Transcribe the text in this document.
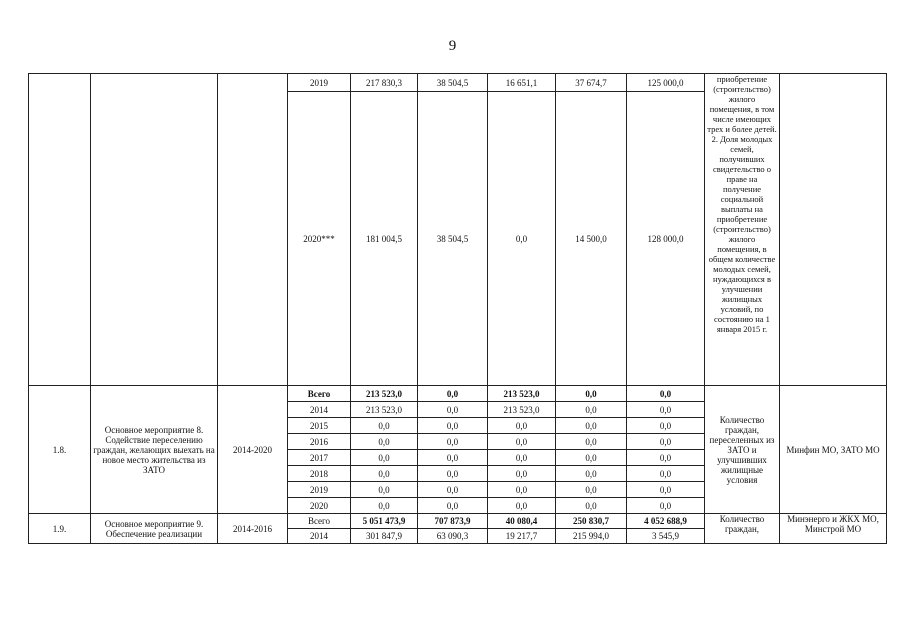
9
			2019	217 830,3	38 504,5	16 651,1	37 674,7	125 000,0	приобретение (строительство) жилого помещения, в том числе имеющих трех и более детей. 2. Доля молодых семей, получивших свидетельство о праве на получение социальной выплаты на приобретение (строительство) жилого помещения, в общем количестве молодых семей, нуждающихся в улучшении жилищных условий, по состоянию на 1 января 2015 г.	
			2020***	181 004,5	38 504,5	0,0	14 500,0	128 000,0		
1.8.	Основное мероприятие 8. Содействие переселению граждан, желающих выехать на новое место жительства из ЗАТО	2014-2020	Всего	213 523,0	0,0	213 523,0	0,0	0,0	Количество граждан, переселенных из ЗАТО и улучшивших жилищные условия	Минфин МО, ЗАТО МО
			2014	213 523,0	0,0	213 523,0	0,0	0,0		
			2015	0,0	0,0	0,0	0,0	0,0		
			2016	0,0	0,0	0,0	0,0	0,0		
			2017	0,0	0,0	0,0	0,0	0,0		
			2018	0,0	0,0	0,0	0,0	0,0		
			2019	0,0	0,0	0,0	0,0	0,0		
			2020	0,0	0,0	0,0	0,0	0,0		
1.9.	Основное мероприятие 9. Обеспечение реализации	2014-2016	Всего	5 051 473,9	707 873,9	40 080,4	250 830,7	4 052 688,9	Количество граждан,	Минэнерго и ЖКХ МО, Минстрой МО
			2014	301 847,9	63 090,3	19 217,7	215 994,0	3 545,9		
